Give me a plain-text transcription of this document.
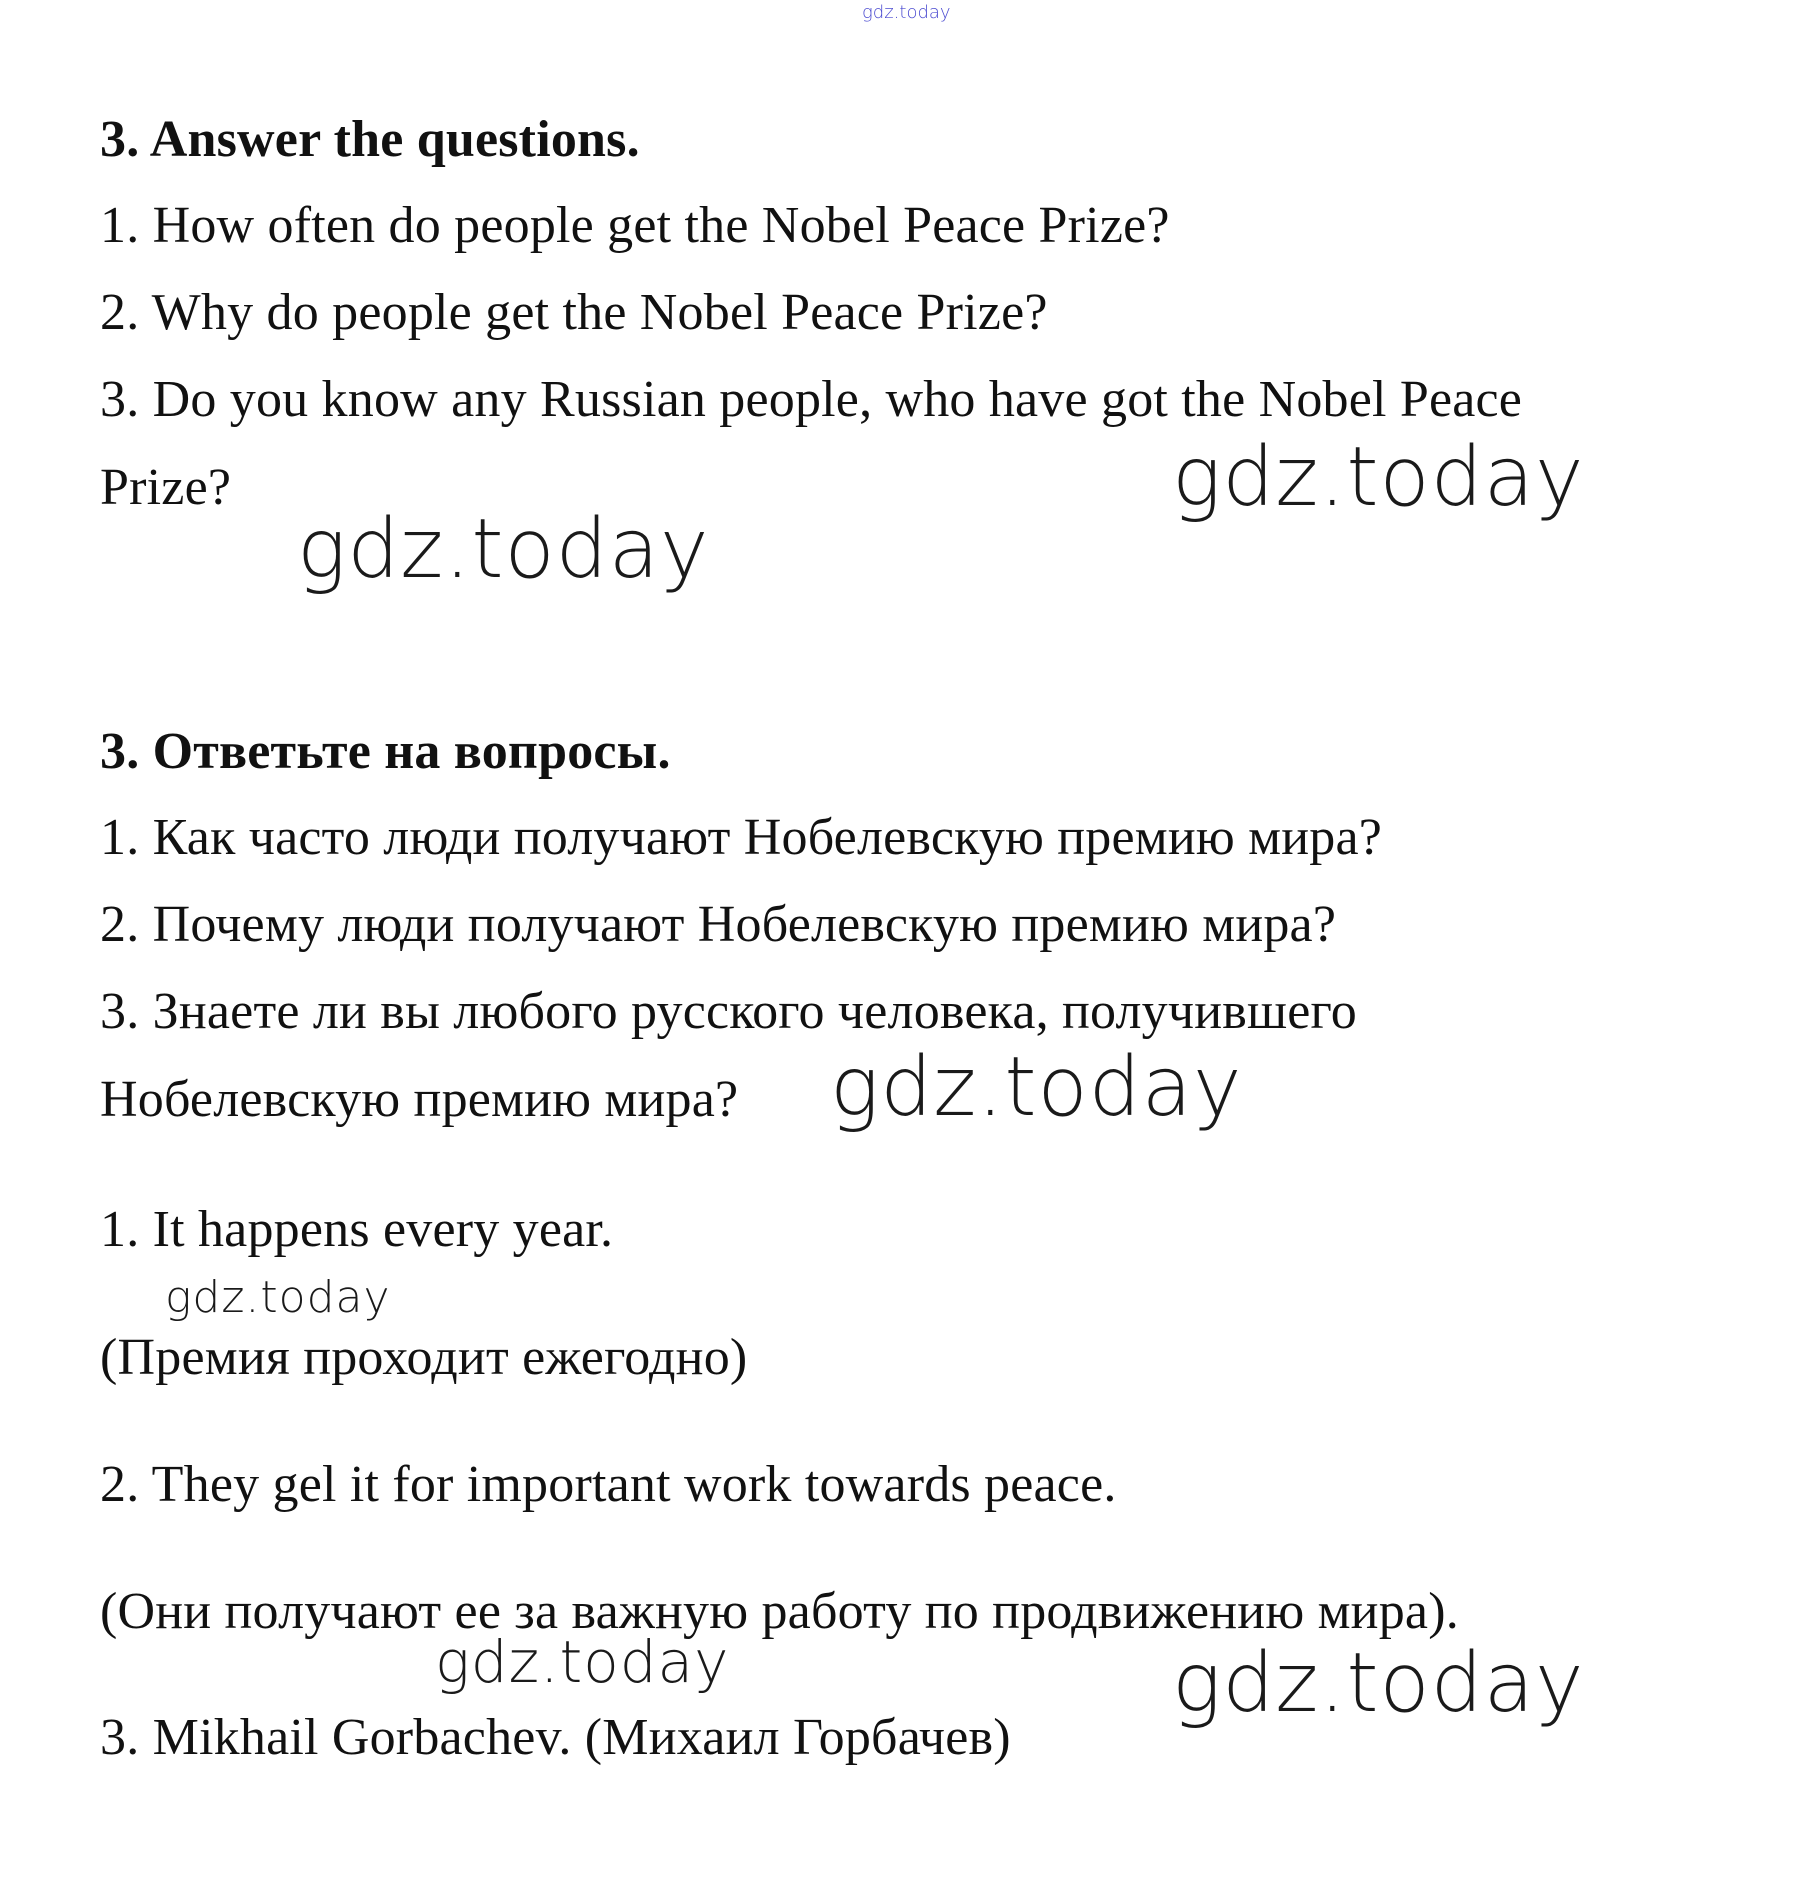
gdz.today
3. Answer the questions.
1. How often do people get the Nobel Peace Prize?
2. Why do people get the Nobel Peace Prize?
3. Do you know any Russian people, who have got the Nobel Peace
Prize?	gdz.today
gdz.today
3. Ответьте на вопросы.
1. Как часто люди получают Нобелевскую премию мира?
2. Почему люди получают Нобелевскую премию мира?
3. Знаете ли вы любого русского человека, получившего
Нобелевскую премию мира? gdz.today
1. It happens every year.
gdz.today
(Премия проходит ежегодно)
2. They gel it for important work towards peace.
(Они получают ее за важную работу по продвижению мира).
gdz.today	gdz.today
3. Mikhail Gorbachev. (Михаил Горбачев)
